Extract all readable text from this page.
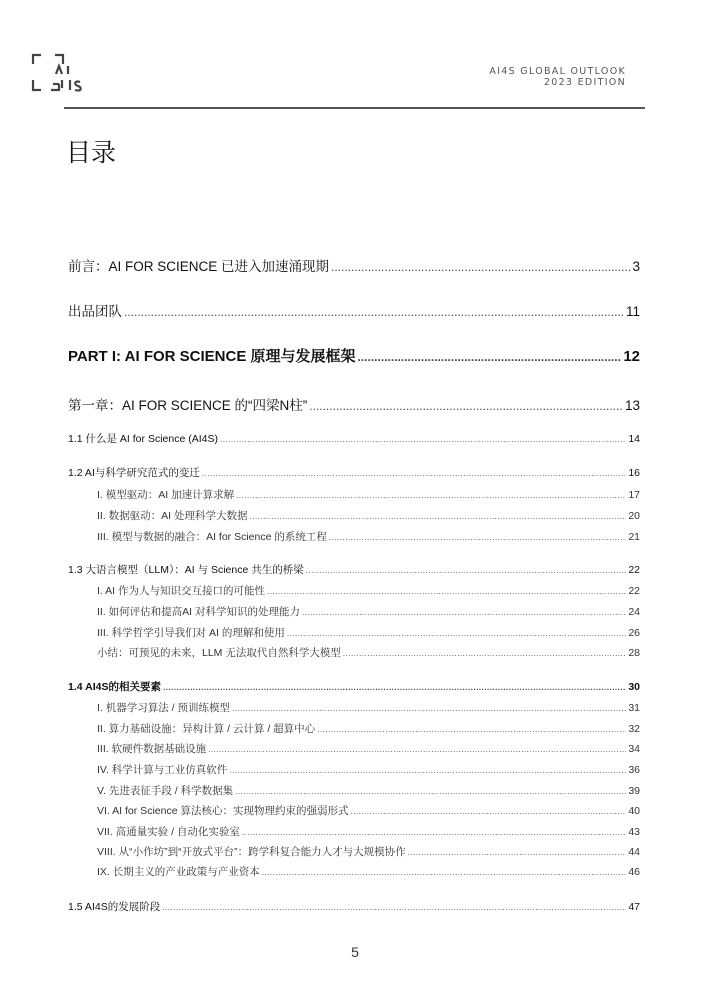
AI4S GLOBAL OUTLOOK
2023 EDITION
目录
前言：AI FOR SCIENCE 已进入加速涌现期 .....	3
出品团队 .....	11
PART I: AI FOR SCIENCE 原理与发展框架 .....	12
第一章：AI FOR SCIENCE 的“四梁N柱” .....	13
1.1 什么是 AI for Science (AI4S) .....	14
1.2 AI与科学研究范式的变迁 .....	16
I. 模型驱动：AI 加速计算求解 .....	17
II. 数据驱动：AI 处理科学大数据 .....	20
III. 模型与数据的融合：AI for Science 的系统工程 .....	21
1.3 大语言模型（LLM）：AI 与 Science 共生的桥梁 .....	22
I. AI 作为人与知识交互接口的可能性 .....	22
II. 如何评估和提高AI 对科学知识的处理能力 .....	24
III. 科学哲学引导我们对 AI 的理解和使用 .....	26
小结：可预见的未来，LLM 无法取代自然科学大模型 .....	28
1.4 AI4S的相关要素 .....	30
I. 机器学习算法 / 预训练模型 .....	31
II. 算力基础设施：异构计算 / 云计算 / 超算中心 .....	32
III. 软硬件数据基础设施 .....	34
IV. 科学计算与工业仿真软件 .....	36
V. 先进表征手段 / 科学数据集 .....	39
VI. AI for Science 算法核心：实现物理约束的强弱形式 .....	40
VII. 高通量实验 / 自动化实验室 .....	43
VIII. 从“小作坊”到“开放式平台”：跨学科复合能力人才与大规模协作 .....	44
IX. 长期主义的产业政策与产业资本 .....	46
1.5 AI4S的发展阶段 .....	47
5
